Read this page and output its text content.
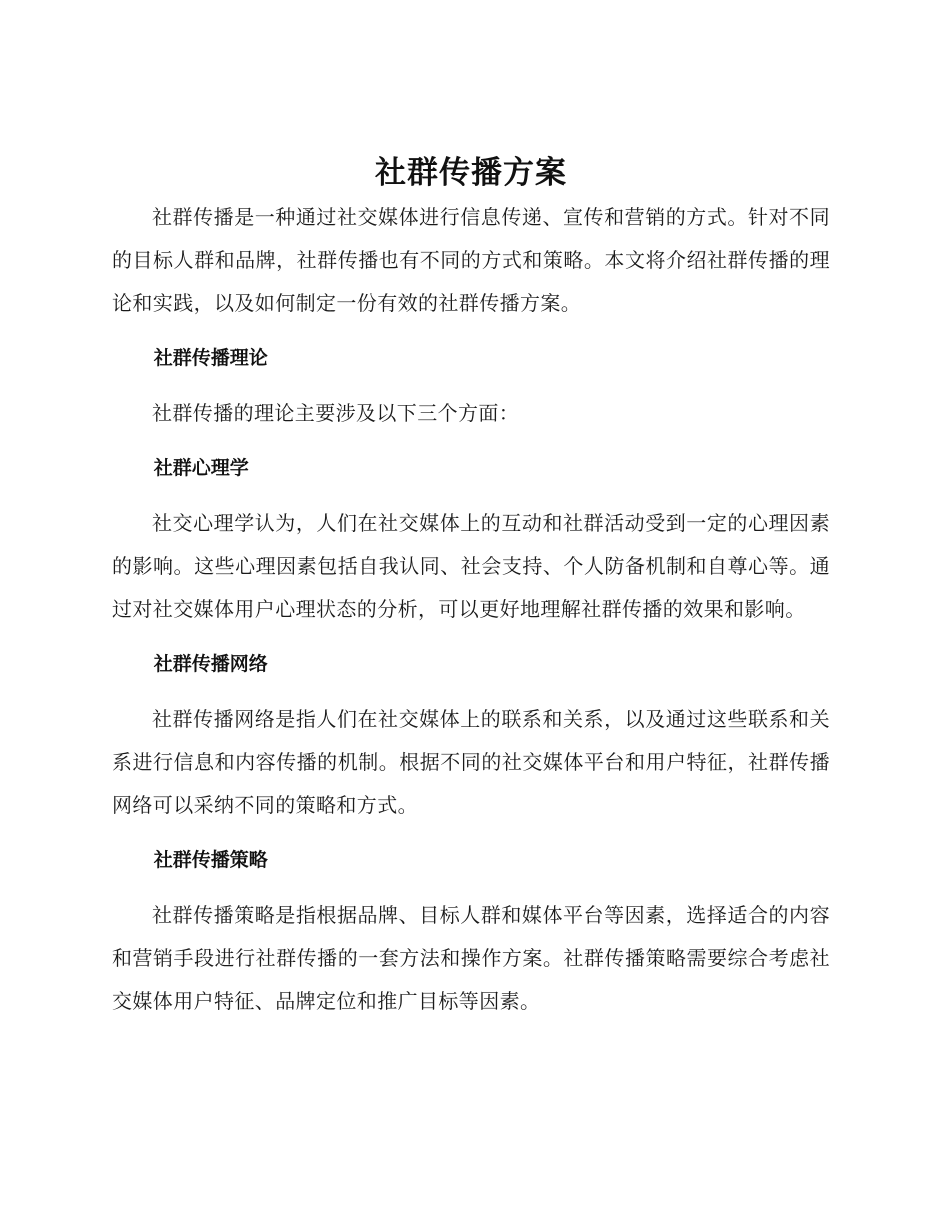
社群传播方案

社群传播是一种通过社交媒体进行信息传递、宣传和营销的方式。针对不同的目标人群和品牌，社群传播也有不同的方式和策略。本文将介绍社群传播的理论和实践，以及如何制定一份有效的社群传播方案。

社群传播理论

社群传播的理论主要涉及以下三个方面：

社群心理学

社交心理学认为，人们在社交媒体上的互动和社群活动受到一定的心理因素的影响。这些心理因素包括自我认同、社会支持、个人防备机制和自尊心等。通过对社交媒体用户心理状态的分析，可以更好地理解社群传播的效果和影响。

社群传播网络

社群传播网络是指人们在社交媒体上的联系和关系，以及通过这些联系和关系进行信息和内容传播的机制。根据不同的社交媒体平台和用户特征，社群传播网络可以采纳不同的策略和方式。

社群传播策略

社群传播策略是指根据品牌、目标人群和媒体平台等因素，选择适合的内容和营销手段进行社群传播的一套方法和操作方案。社群传播策略需要综合考虑社交媒体用户特征、品牌定位和推广目标等因素。
